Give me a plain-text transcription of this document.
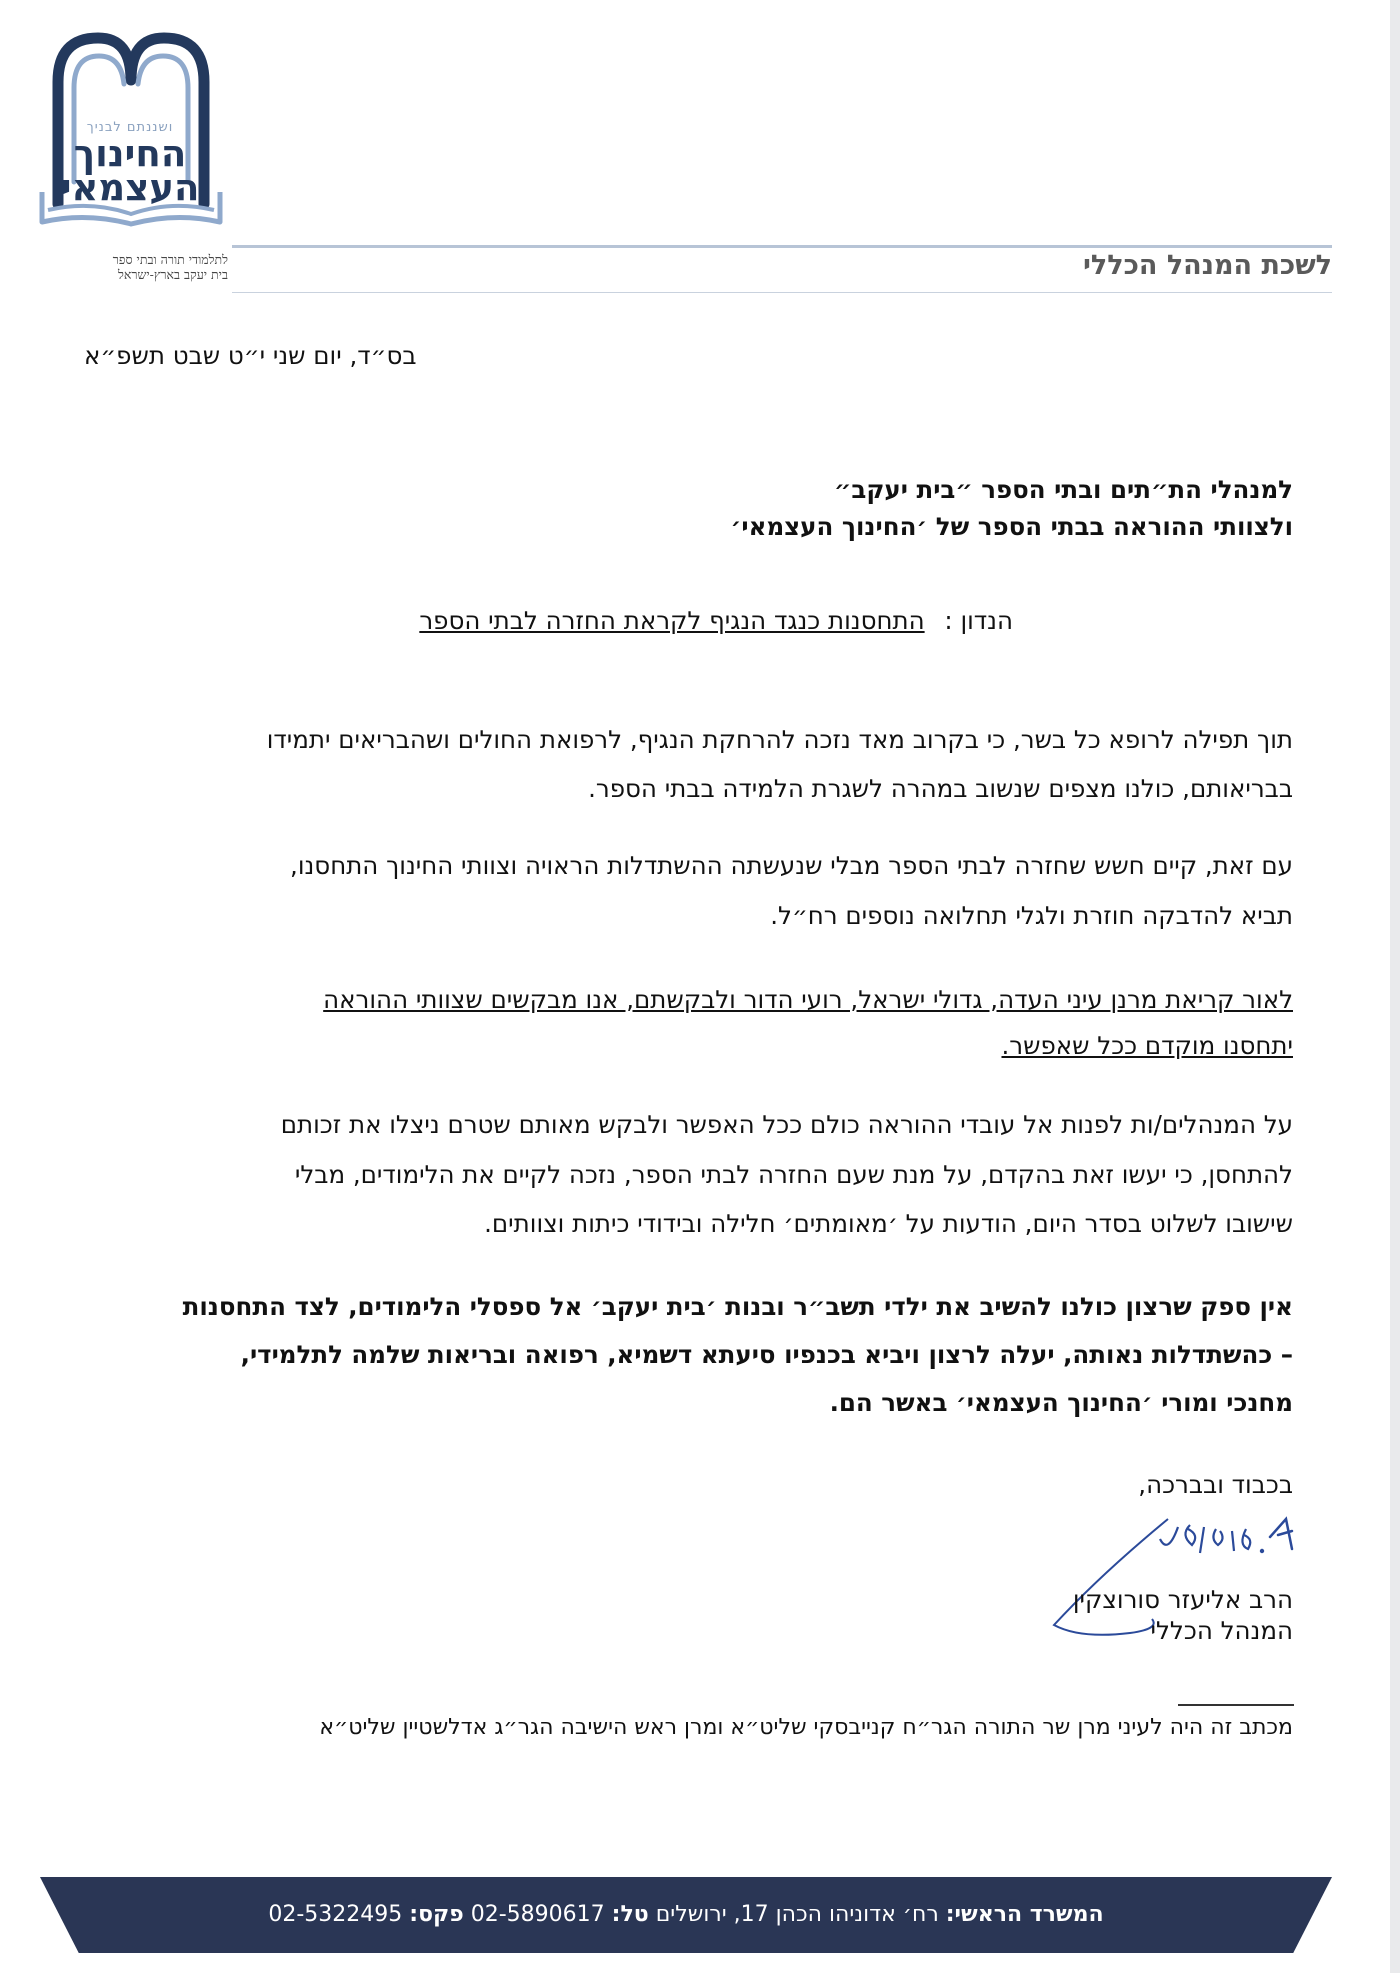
ושננתם לבניך
החינוך
העצמאי
לתלמודי תורה ובתי ספר
בית יעקב בארץ-ישראל	לשכת המנהל הכללי
בס״ד, יום שני י״ט שבט תשפ״א
למנהלי הת״תים ובתי הספר ״בית יעקב״
ולצוותי ההוראה בבתי הספר של ׳החינוך העצמאי׳
הנדון : התחסנות כנגד הנגיף לקראת החזרה לבתי הספר
תוך תפילה לרופא כל בשר, כי בקרוב מאד נזכה להרחקת הנגיף, לרפואת החולים ושהבריאים יתמידו
בבריאותם, כולנו מצפים שנשוב במהרה לשגרת הלמידה בבתי הספר.
עם זאת, קיים חשש שחזרה לבתי הספר מבלי שנעשתה ההשתדלות הראויה וצוותי החינוך התחסנו,
תביא להדבקה חוזרת ולגלי תחלואה נוספים רח״ל.
לאור קריאת מרנן עיני העדה, גדולי ישראל, רועי הדור ולבקשתם, אנו מבקשים שצוותי ההוראה
יתחסנו מוקדם ככל שאפשר.
על המנהלים/ות לפנות אל עובדי ההוראה כולם ככל האפשר ולבקש מאותם שטרם ניצלו את זכותם
להתחסן, כי יעשו זאת בהקדם, על מנת שעם החזרה לבתי הספר, נזכה לקיים את הלימודים, מבלי
שישובו לשלוט בסדר היום, הודעות על ׳מאומתים׳ חלילה ובידודי כיתות וצוותים.
אין ספק שרצון כולנו להשיב את ילדי תשב״ר ובנות ׳בית יעקב׳ אל ספסלי הלימודים, לצד התחסנות
– כהשתדלות נאותה, יעלה לרצון ויביא בכנפיו סיעתא דשמיא, רפואה ובריאות שלמה לתלמידי,
מחנכי ומורי ׳החינוך העצמאי׳ באשר הם.
בכבוד ובברכה,
הרב אליעזר סורוצקין
המנהל הכללי
מכתב זה היה לעיני מרן שר התורה הגר״ח קנייבסקי שליט״א ומרן ראש הישיבה הגר״ג אדלשטיין שליט״א
המשרד הראשי: רח׳ אדוניהו הכהן 17, ירושלים טל: 02-5890617 פקס: 02-5322495
